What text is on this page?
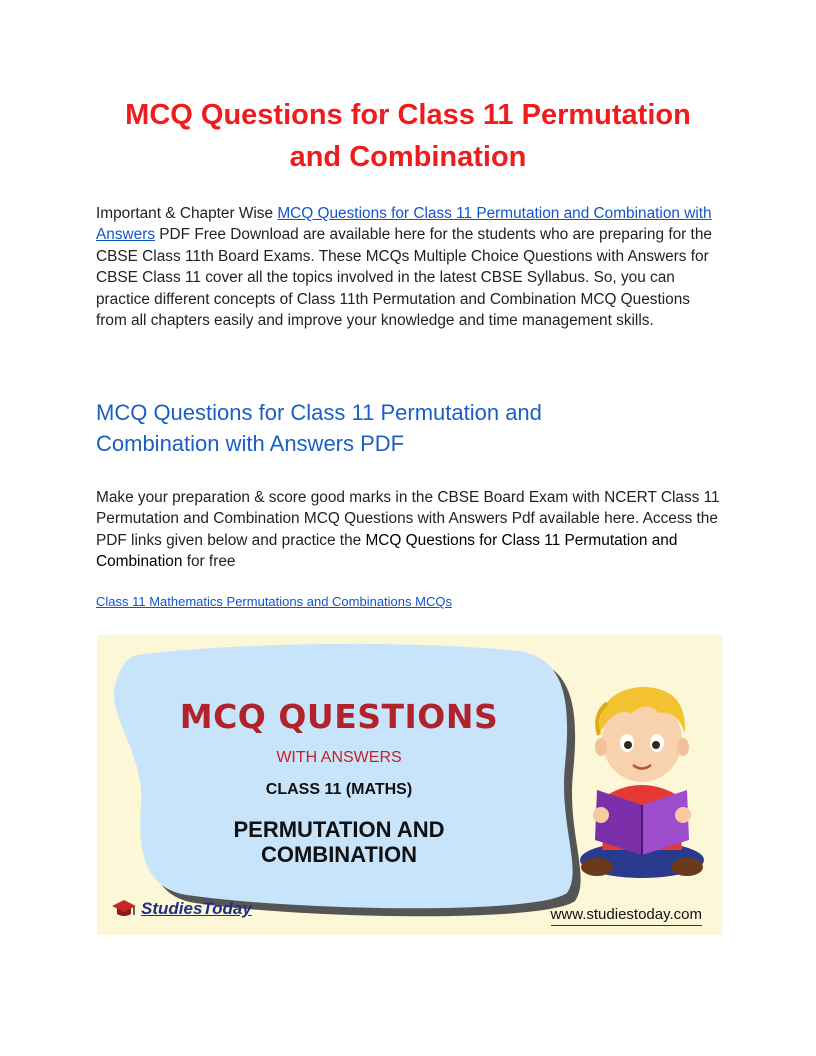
MCQ Questions for Class 11 Permutation and Combination

Important & Chapter Wise MCQ Questions for Class 11 Permutation and Combination with Answers PDF Free Download are available here for the students who are preparing for the CBSE Class 11th Board Exams. These MCQs Multiple Choice Questions with Answers for CBSE Class 11 cover all the topics involved in the latest CBSE Syllabus. So, you can practice different concepts of Class 11th Permutation and Combination MCQ Questions from all chapters easily and improve your knowledge and time management skills.

MCQ Questions for Class 11 Permutation and Combination with Answers PDF

Make your preparation & score good marks in the CBSE Board Exam with NCERT Class 11 Permutation and Combination MCQ Questions with Answers Pdf available here. Access the PDF links given below and practice the MCQ Questions for Class 11 Permutation and Combination for free

Class 11 Mathematics Permutations and Combinations MCQs
MCQ QUESTIONS
WITH ANSWERS
CLASS 11 (MATHS)
PERMUTATION AND COMBINATION
StudiesToday	www.studiestoday.com
